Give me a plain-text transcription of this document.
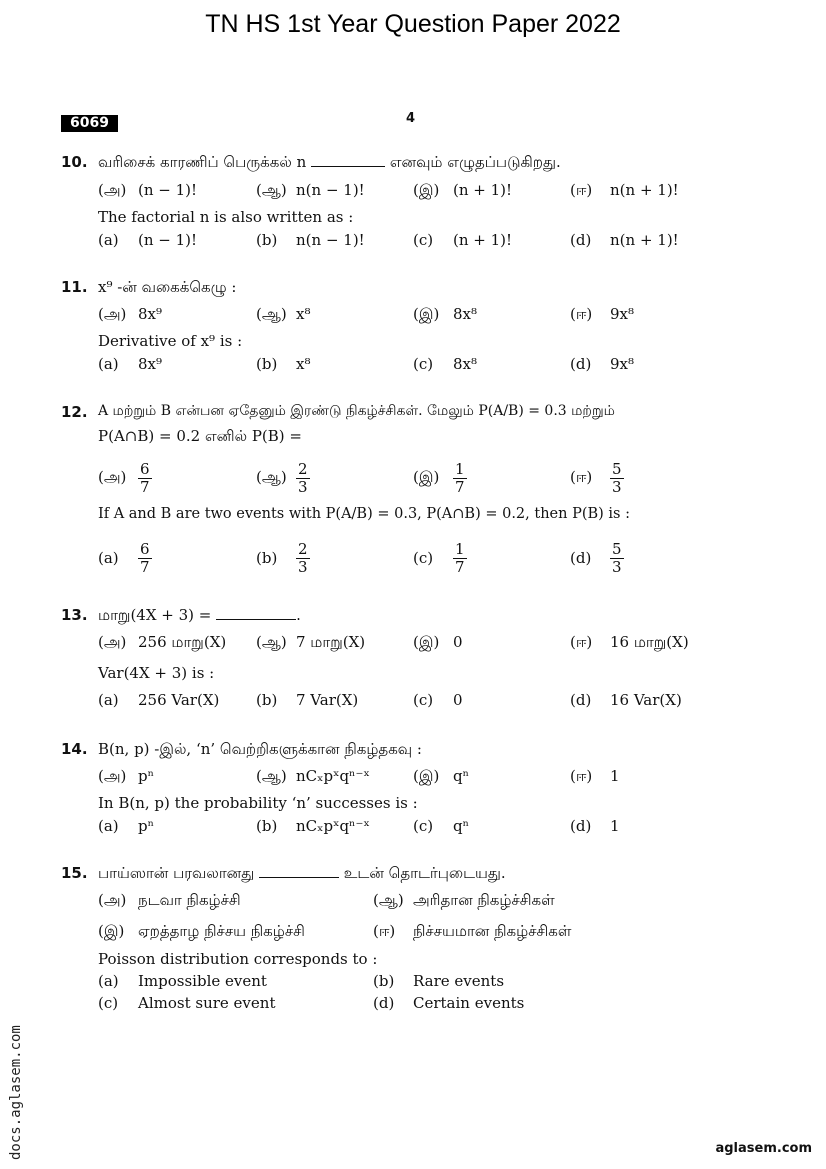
TN HS 1st Year Question Paper 2022
6069	4
10. வரிசைக் காரணிப் பெருக்கல் n	எனவும் எழுதப்படுகிறது.
(அ) (n − 1)!	(ஆ) n(n − 1)!	(இ) (n + 1)!	(ஈ) n(n + 1)!
The factorial n is also written as :
(a) (n − 1)!	(b) n(n − 1)!	(c) (n + 1)!	(d) n(n + 1)!
11. x⁹ -ன் வகைக்கெழு :
(அ) 8x⁹	(ஆ) x⁸	(இ) 8x⁸	(ஈ) 9x⁸
Derivative of x⁹ is :
(a) 8x⁹	(b) x⁸	(c) 8x⁸	(d) 9x⁸
12. A மற்றும் B என்பன ஏதேனும் இரண்டு நிகழ்ச்சிகள். மேலும் P(A/B) = 0.3 மற்றும்
P(A∩B) = 0.2 எனில் P(B) =
(அ) $\frac{6}{7}$	(ஆ) $\frac{2}{3}$	(இ) $\frac{1}{7}$	(ஈ) $\frac{5}{3}$
If A and B are two events with P(A/B) = 0.3, P(A∩B) = 0.2, then P(B) is :
$(a) \frac{6}{7}$	$(b) \frac{2}{3}$	$(c) \frac{1}{7}$	$(d) \frac{5}{3}$
13. மாறு(4X + 3) =	.
(அ) 256 மாறு(X) (ஆ) 7 மாறு(X)	(இ) 0	(ஈ) 16 மாறு(X)
Var(4X + 3) is :
(a) 256 Var(X) (b) 7 Var(X)	(c) 0	(d) 16 Var(X)
14. B(n, p) -இல், ‘n’ வெற்றிகளுக்கான நிகழ்தகவு :
(அ) pⁿ	(ஆ) nCₓpˣqⁿ⁻ˣ	(இ) qⁿ	(ஈ) 1
In B(n, p) the probability ‘n’ successes is :
(a) pⁿ	(b) nCₓpˣqⁿ⁻ˣ	(c) qⁿ	(d) 1
15. பாய்ஸான் பரவலானது	உடன் தொடர்புடையது.
(அ) நடவா நிகழ்ச்சி	(ஆ) அரிதான நிகழ்ச்சிகள்
(இ) ஏறத்தாழ நிச்சய நிகழ்ச்சி	(ஈ) நிச்சயமான நிகழ்ச்சிகள்
Poisson distribution corresponds to :
(a) Impossible event	(b) Rare events
(c) Almost sure event	(d) Certain events
docs.aglasem.com	aglasem.com
